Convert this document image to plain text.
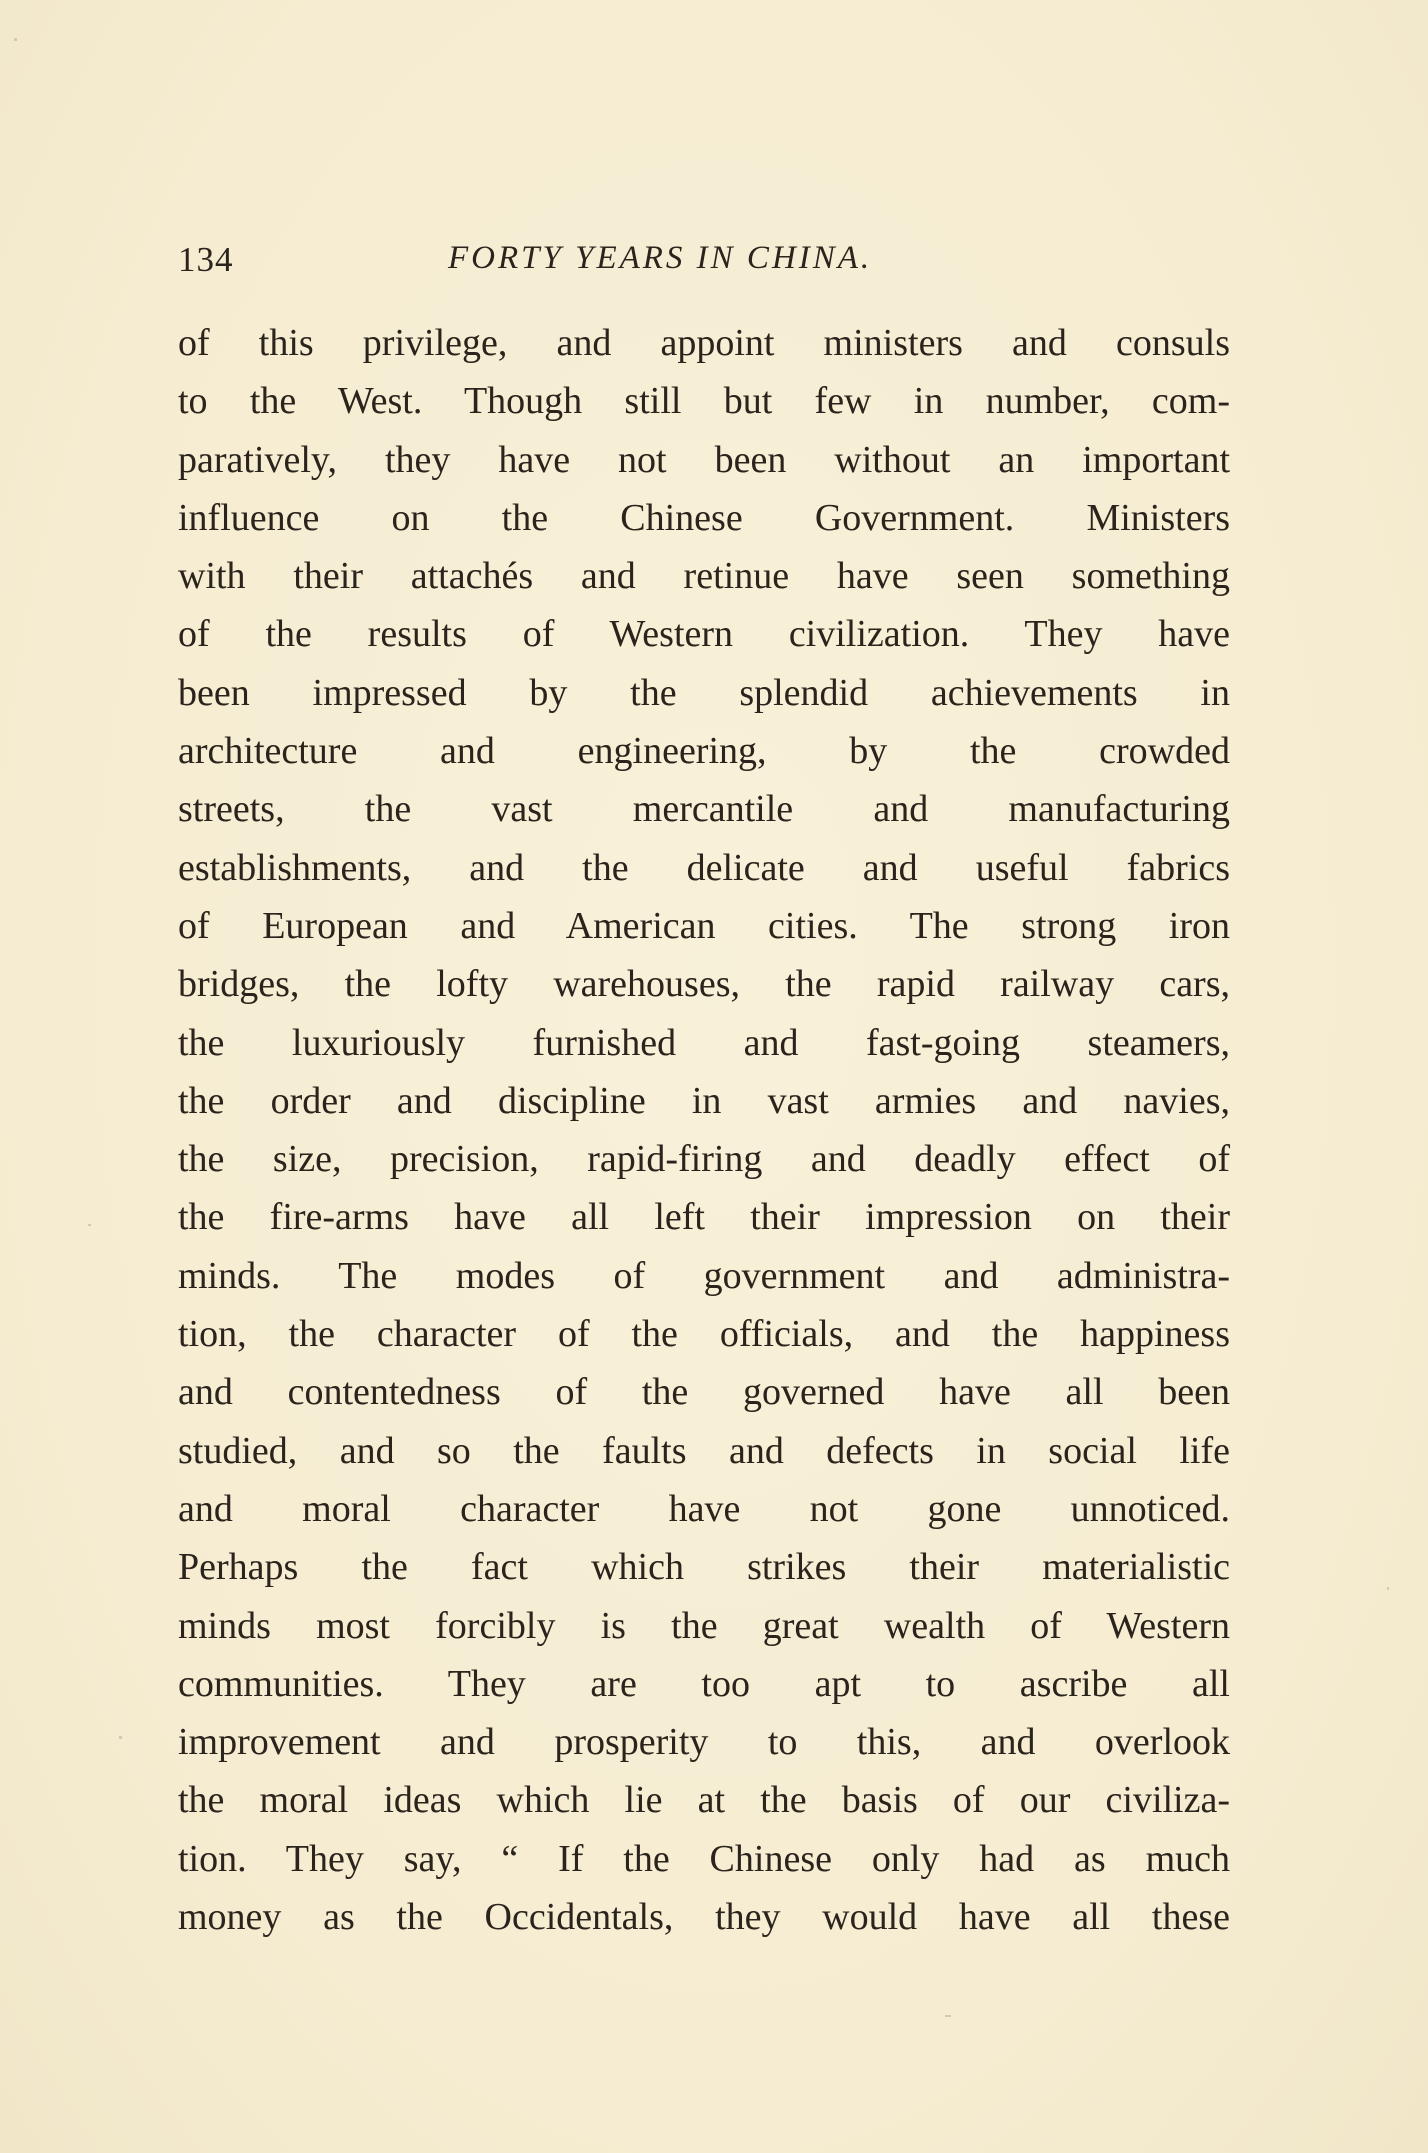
134	FORTY YEARS IN CHINA.
of this privilege, and appoint ministers and consuls
to the West. Though still but few in number, com-
paratively, they have not been without an important
influence on the Chinese Government. Ministers
with their attachés and retinue have seen something
of the results of Western civilization. They have
been impressed by the splendid achievements in
architecture and engineering, by the crowded
streets, the vast mercantile and manufacturing
establishments, and the delicate and useful fabrics
of European and American cities. The strong iron
bridges, the lofty warehouses, the rapid railway cars,
the luxuriously furnished and fast-going steamers,
the order and discipline in vast armies and navies,
the size, precision, rapid-firing and deadly effect of
the fire-arms have all left their impression on their
minds. The modes of government and administra-
tion, the character of the officials, and the happiness
and contentedness of the governed have all been
studied, and so the faults and defects in social life
and moral character have not gone unnoticed.
Perhaps the fact which strikes their materialistic
minds most forcibly is the great wealth of Western
communities. They are too apt to ascribe all
improvement and prosperity to this, and overlook
the moral ideas which lie at the basis of our civiliza-
tion. They say, “ If the Chinese only had as much
money as the Occidentals, they would have all these
